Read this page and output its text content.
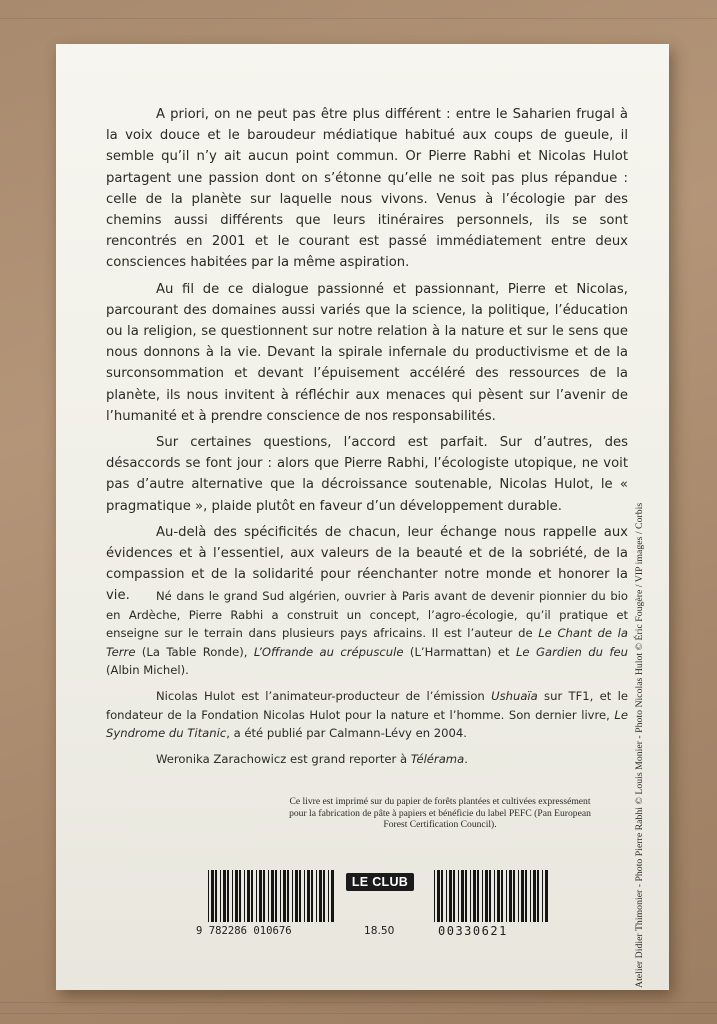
A priori, on ne peut pas être plus différent : entre le Saharien frugal à la voix douce et le baroudeur médiatique habitué aux coups de gueule, il semble qu’il n’y ait aucun point commun. Or Pierre Rabhi et Nicolas Hulot partagent une passion dont on s’étonne qu’elle ne soit pas plus répandue : celle de la planète sur laquelle nous vivons. Venus à l’écologie par des chemins aussi différents que leurs itinéraires personnels, ils se sont rencontrés en 2001 et le courant est passé immédiatement entre deux consciences habitées par la même aspiration.

Au fil de ce dialogue passionné et passionnant, Pierre et Nicolas, parcourant des domaines aussi variés que la science, la politique, l’éducation ou la religion, se questionnent sur notre relation à la nature et sur le sens que nous donnons à la vie. Devant la spirale infernale du productivisme et de la surconsommation et devant l’épuisement accéléré des ressources de la planète, ils nous invitent à réfléchir aux menaces qui pèsent sur l’avenir de l’humanité et à prendre conscience de nos responsabilités.

Sur certaines questions, l’accord est parfait. Sur d’autres, des désaccords se font jour : alors que Pierre Rabhi, l’écologiste utopique, ne voit pas d’autre alternative que la décroissance soutenable, Nicolas Hulot, le « pragmatique », plaide plutôt en faveur d’un développement durable.

Au-delà des spécificités de chacun, leur échange nous rappelle aux évidences et à l’essentiel, aux valeurs de la beauté et de la sobriété, de la compassion et de la solidarité pour réenchanter notre monde et honorer la vie.	Né dans le grand Sud algérien, ouvrier à Paris avant de devenir pionnier du bio en Ardèche, Pierre Rabhi a construit un concept, l’agro-écologie, qu’il pratique et enseigne sur le terrain dans plusieurs pays africains. Il est l’auteur de Le Chant de la Terre (La Table Ronde), L’Offrande au crépuscule (L’Harmattan) et Le Gardien du feu (Albin Michel).

Nicolas Hulot est l’animateur-producteur de l’émission Ushuaïa sur TF1, et le fondateur de la Fondation Nicolas Hulot pour la nature et l’homme. Son dernier livre, Le Syndrome du Titanic, a été publié par Calmann-Lévy en 2004.

Weronika Zarachowicz est grand reporter à Télérama.

Ce livre est imprimé sur du papier de forêts plantées et cultivées expressément pour la fabrication de pâte à papiers et bénéficie du label PEFC (Pan European Forest Certification Council).
LE CLUB
9 782286 010676	18.50	00330621	Atelier Didier Thimonier - Photo Pierre Rabhi © Louis Monier - Photo Nicolas Hulot © Éric Fougère / VIP images / Corbis
